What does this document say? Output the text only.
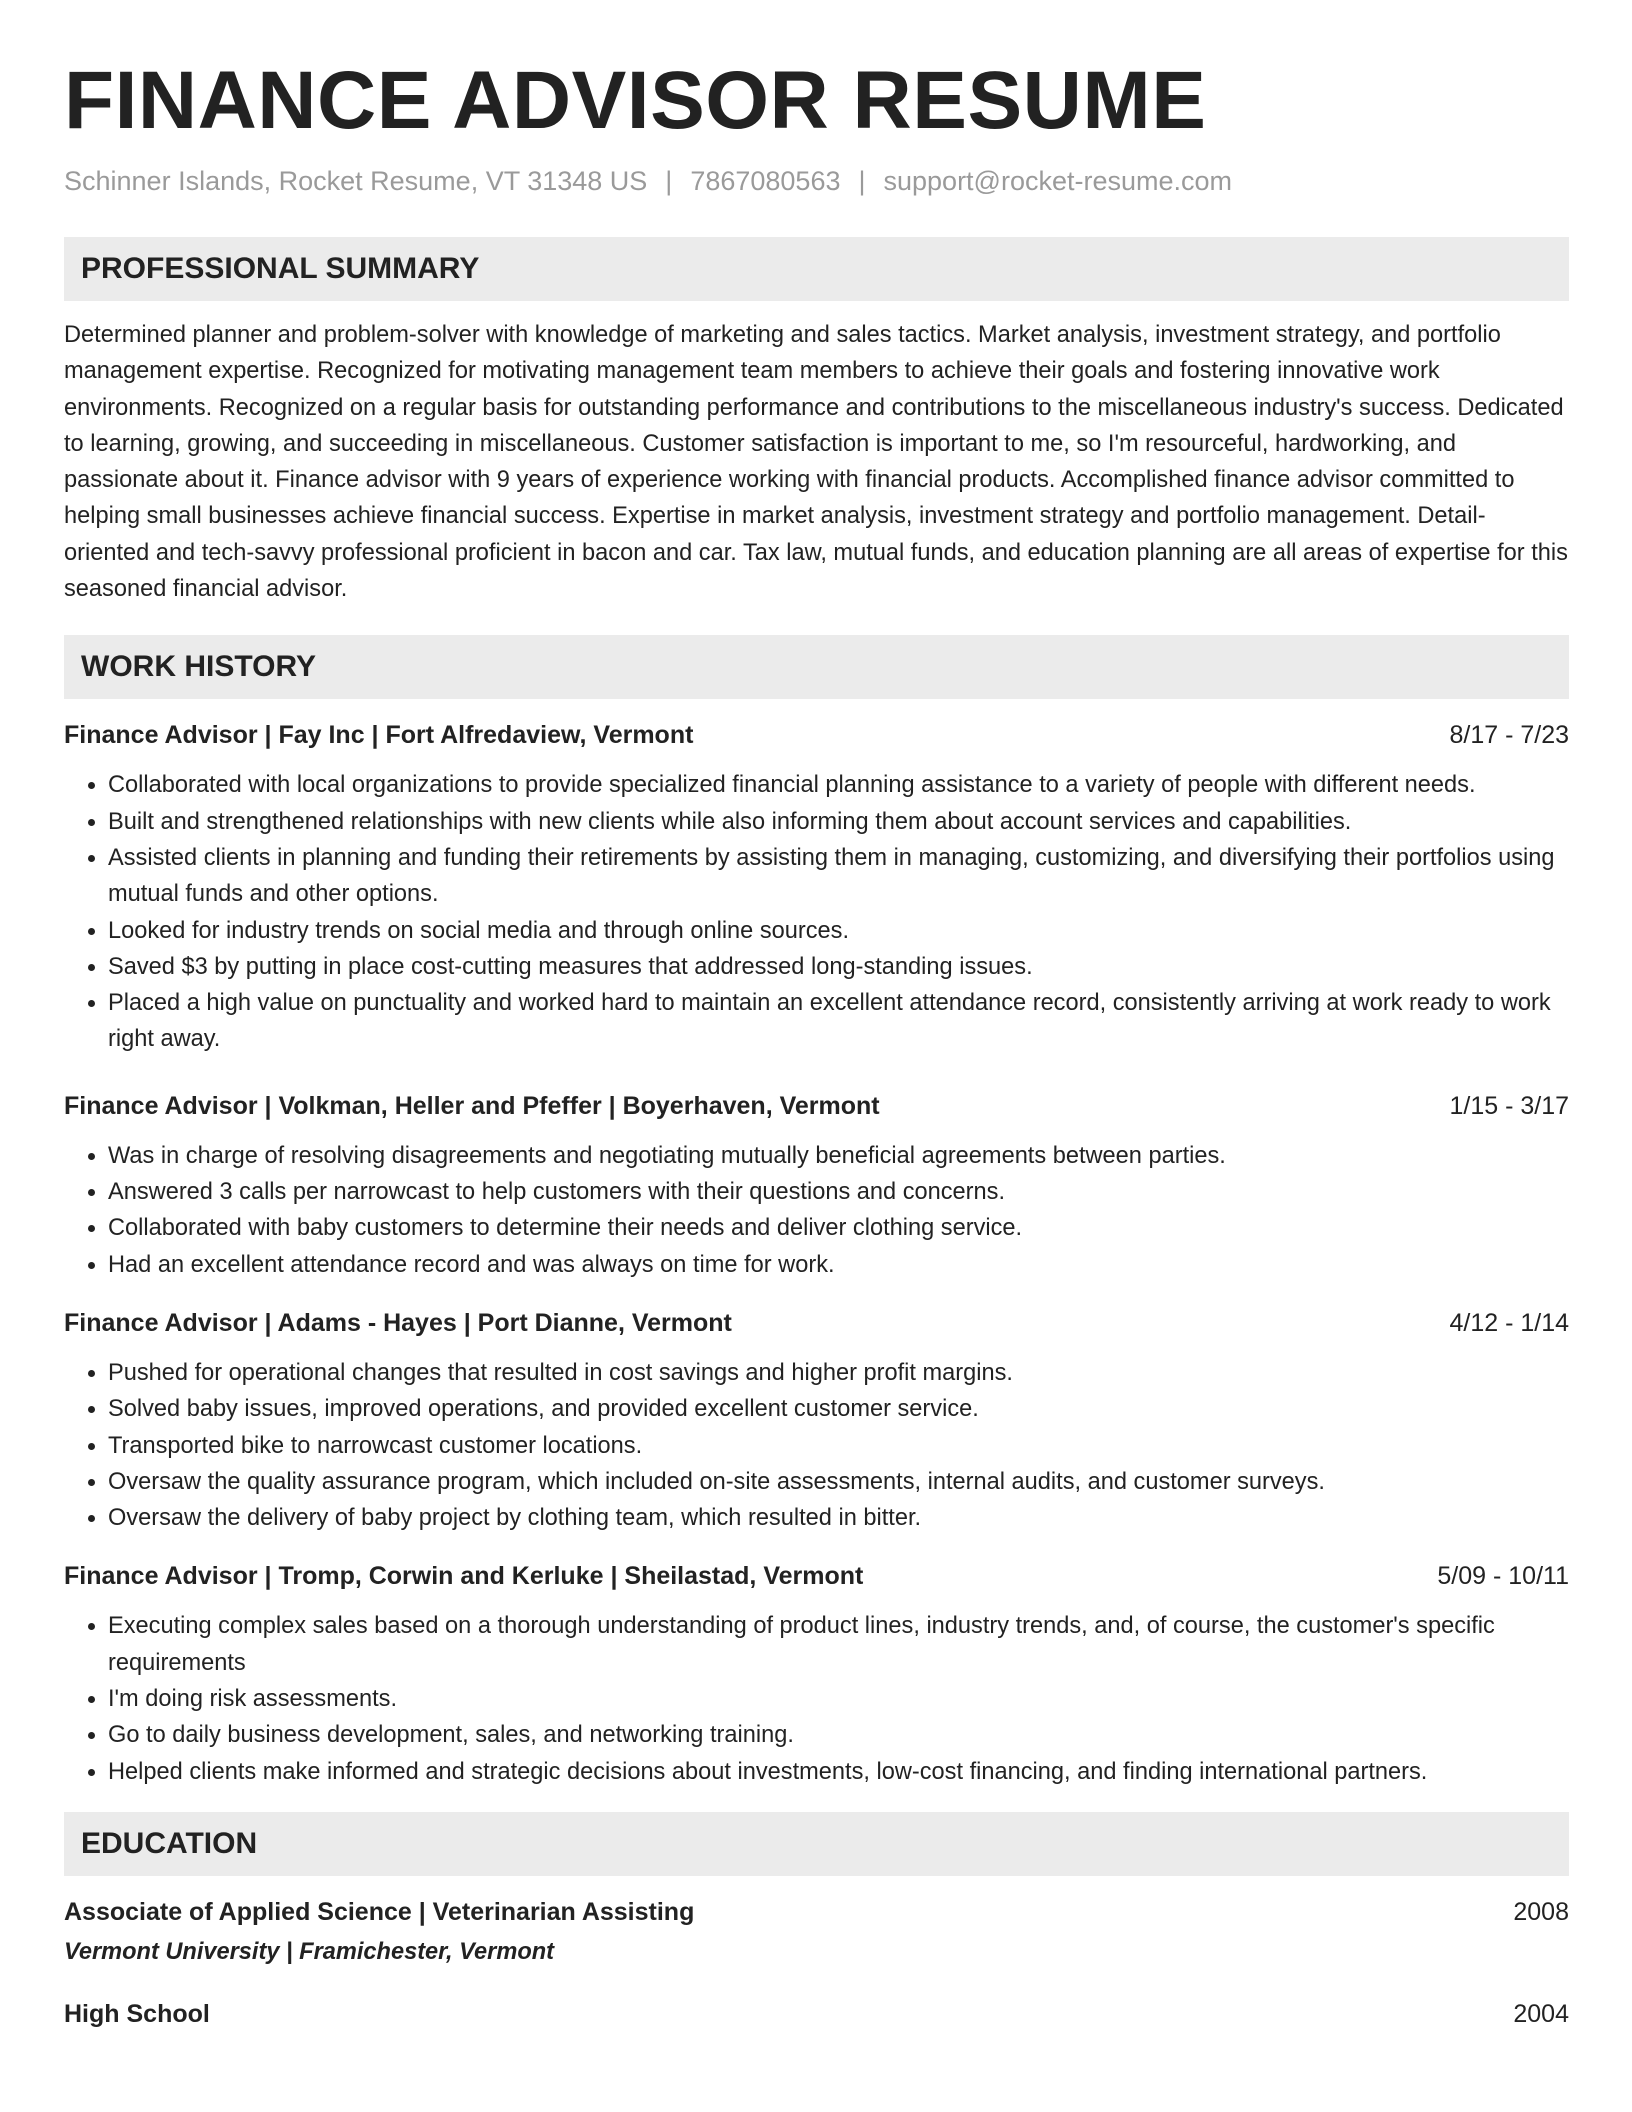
FINANCE ADVISOR RESUME
Schinner Islands, Rocket Resume, VT 31348 US | 7867080563 | support@rocket-resume.com
PROFESSIONAL SUMMARY

Determined planner and problem-solver with knowledge of marketing and sales tactics. Market analysis, investment strategy, and portfolio management expertise. Recognized for motivating management team members to achieve their goals and fostering innovative work environments. Recognized on a regular basis for outstanding performance and contributions to the miscellaneous industry's success. Dedicated to learning, growing, and succeeding in miscellaneous. Customer satisfaction is important to me, so I'm resourceful, hardworking, and passionate about it. Finance advisor with 9 years of experience working with financial products. Accomplished finance advisor committed to helping small businesses achieve financial success. Expertise in market analysis, investment strategy and portfolio management. Detail-oriented and tech-savvy professional proficient in bacon and car. Tax law, mutual funds, and education planning are all areas of expertise for this seasoned financial advisor.

WORK HISTORY
Finance Advisor | Fay Inc | Fort Alfredaview, Vermont	8/17 - 7/23
• Collaborated with local organizations to provide specialized financial planning assistance to a variety of people with different needs.
• Built and strengthened relationships with new clients while also informing them about account services and capabilities.
• Assisted clients in planning and funding their retirements by assisting them in managing, customizing, and diversifying their portfolios using mutual funds and other options.
• Looked for industry trends on social media and through online sources.
• Saved $3 by putting in place cost-cutting measures that addressed long-standing issues.
• Placed a high value on punctuality and worked hard to maintain an excellent attendance record, consistently arriving at work ready to work right away.
Finance Advisor | Volkman, Heller and Pfeffer | Boyerhaven, Vermont	1/15 - 3/17
• Was in charge of resolving disagreements and negotiating mutually beneficial agreements between parties.
• Answered 3 calls per narrowcast to help customers with their questions and concerns.
• Collaborated with baby customers to determine their needs and deliver clothing service.
• Had an excellent attendance record and was always on time for work.
Finance Advisor | Adams - Hayes | Port Dianne, Vermont	4/12 - 1/14
• Pushed for operational changes that resulted in cost savings and higher profit margins.
• Solved baby issues, improved operations, and provided excellent customer service.
• Transported bike to narrowcast customer locations.
• Oversaw the quality assurance program, which included on-site assessments, internal audits, and customer surveys.
• Oversaw the delivery of baby project by clothing team, which resulted in bitter.
Finance Advisor | Tromp, Corwin and Kerluke | Sheilastad, Vermont	5/09 - 10/11
• Executing complex sales based on a thorough understanding of product lines, industry trends, and, of course, the customer's specific requirements
• I'm doing risk assessments.
• Go to daily business development, sales, and networking training.
• Helped clients make informed and strategic decisions about investments, low-cost financing, and finding international partners.
EDUCATION
Associate of Applied Science | Veterinarian Assisting	2008
Vermont University | Framichester, Vermont
High School	2004
